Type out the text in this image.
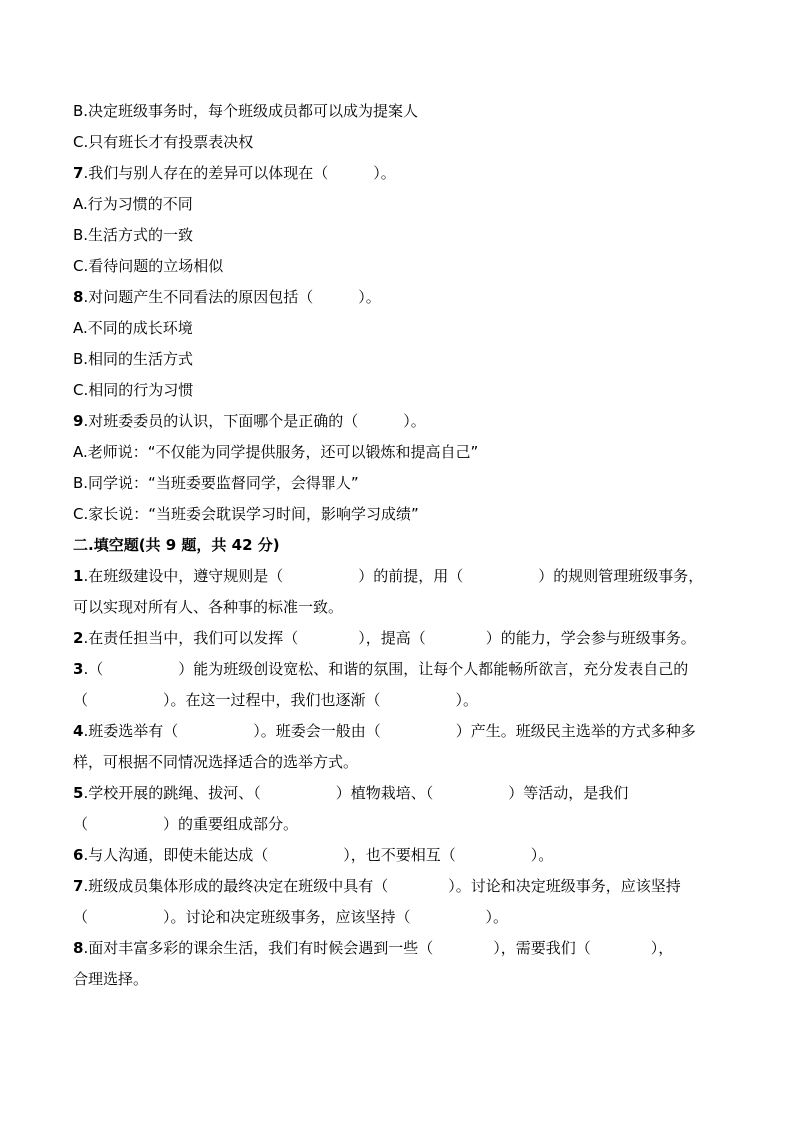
B.决定班级事务时，每个班级成员都可以成为提案人
C.只有班长才有投票表决权
7.我们与别人存在的差异可以体现在（　　　）。
A.行为习惯的不同
B.生活方式的一致
C.看待问题的立场相似
8.对问题产生不同看法的原因包括（　　　）。
A.不同的成长环境
B.相同的生活方式
C.相同的行为习惯
9.对班委委员的认识，下面哪个是正确的（　　　）。
A.老师说：“不仅能为同学提供服务，还可以锻炼和提高自己”
B.同学说：“当班委要监督同学，会得罪人”
C.家长说：“当班委会耽误学习时间，影响学习成绩”
二.填空题(共 9 题，共 42 分)
1.在班级建设中，遵守规则是（　　　　　）的前提，用（　　　　　）的规则管理班级事务，
可以实现对所有人、各种事的标准一致。
2.在责任担当中，我们可以发挥（　　　　），提高（　　　　）的能力，学会参与班级事务。
3.（　　　　　）能为班级创设宽松、和谐的氛围，让每个人都能畅所欲言，充分发表自己的
（　　　　　）。在这一过程中，我们也逐渐（　　　　　）。
4.班委选举有（　　　　　）。班委会一般由（　　　　　）产生。班级民主选举的方式多种多
样，可根据不同情况选择适合的选举方式。
5.学校开展的跳绳、拔河、（　　　　　）植物栽培、（　　　　　）等活动，是我们
（　　　　　）的重要组成部分。
6.与人沟通，即使未能达成（　　　　　），也不要相互（　　　　　）。
7.班级成员集体形成的最终决定在班级中具有（　　　　）。讨论和决定班级事务，应该坚持
（　　　　　）。讨论和决定班级事务，应该坚持（　　　　　）。
8.面对丰富多彩的课余生活，我们有时候会遇到一些（　　　　），需要我们（　　　　），
合理选择。
